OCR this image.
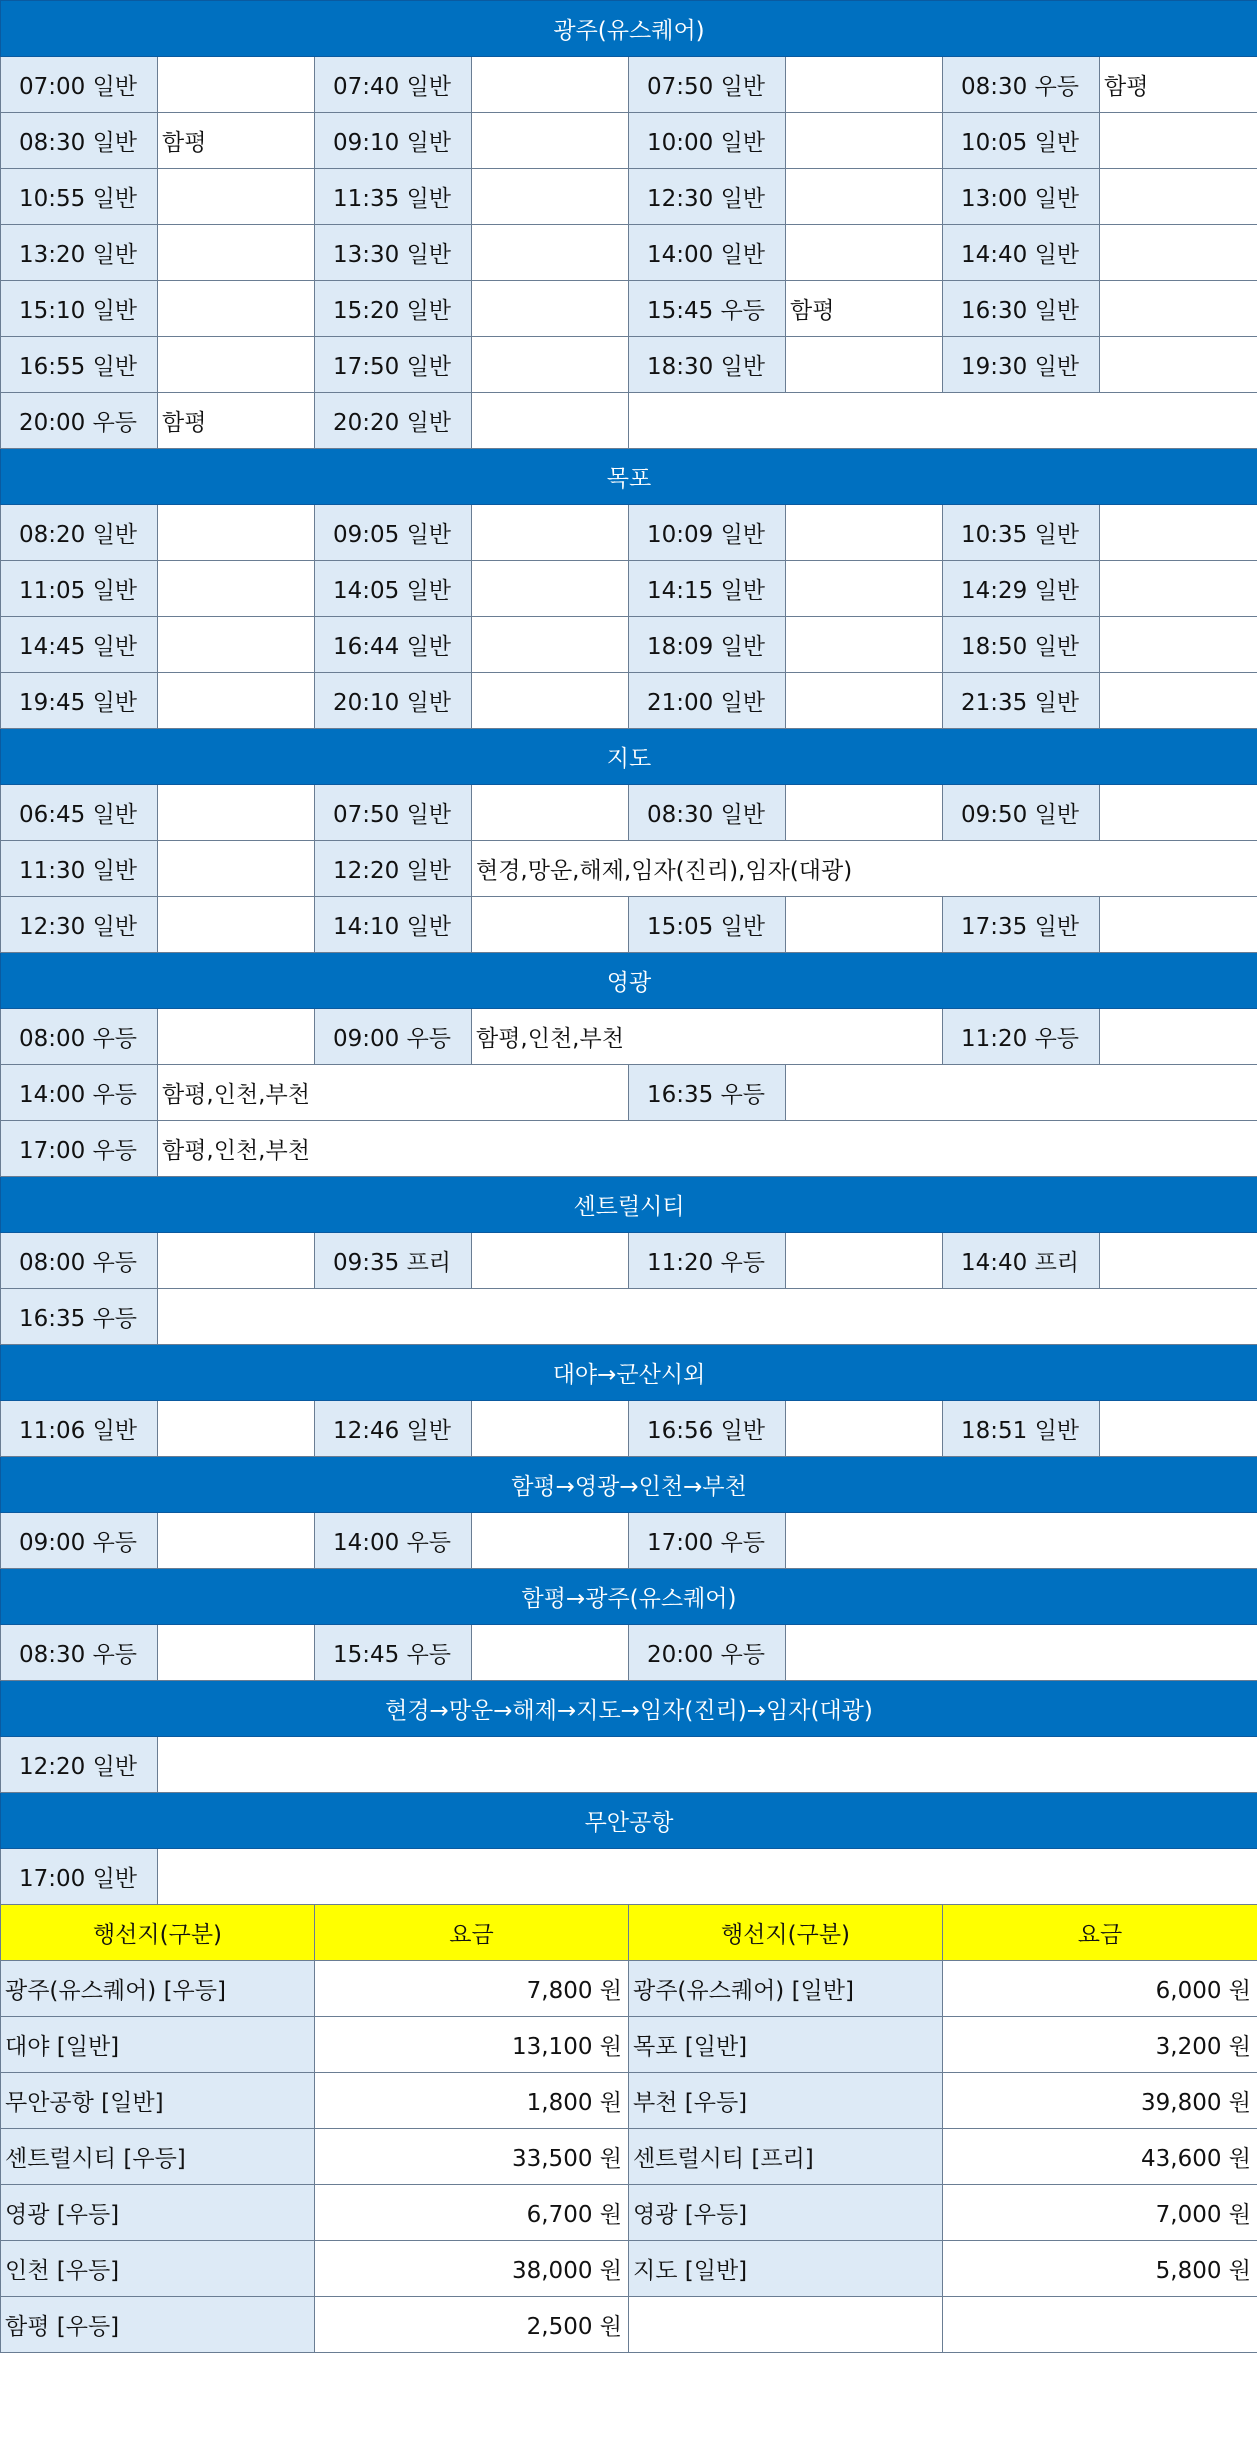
광주(유스퀘어)							
07:00 일반		07:40 일반		07:50 일반		08:30 우등	함평
08:30 일반	함평	09:10 일반		10:00 일반		10:05 일반	
10:55 일반		11:35 일반		12:30 일반		13:00 일반	
13:20 일반		13:30 일반		14:00 일반		14:40 일반	
15:10 일반		15:20 일반		15:45 우등	함평	16:30 일반	
16:55 일반		17:50 일반		18:30 일반		19:30 일반	
20:00 우등	함평	20:20 일반					
목포							
08:20 일반		09:05 일반		10:09 일반		10:35 일반	
11:05 일반		14:05 일반		14:15 일반		14:29 일반	
14:45 일반		16:44 일반		18:09 일반		18:50 일반	
19:45 일반		20:10 일반		21:00 일반		21:35 일반	
지도							
06:45 일반		07:50 일반		08:30 일반		09:50 일반	
11:30 일반		12:20 일반	현경,망운,해제,임자(진리),임자(대광)				
12:30 일반		14:10 일반		15:05 일반		17:35 일반	
영광							
08:00 우등		09:00 우등	함평,인천,부천			11:20 우등	
14:00 우등	함평,인천,부천			16:35 우등			
17:00 우등	함평,인천,부천						
센트럴시티							
08:00 우등		09:35 프리		11:20 우등		14:40 프리	
16:35 우등							
대야→군산시외							
11:06 일반		12:46 일반		16:56 일반		18:51 일반	
함평→영광→인천→부천							
09:00 우등		14:00 우등		17:00 우등			
함평→광주(유스퀘어)							
08:30 우등		15:45 우등		20:00 우등			
현경→망운→해제→지도→임자(진리)→임자(대광)							
12:20 일반							
무안공항							
17:00 일반							
행선지(구분)		요금		행선지(구분)		요금	
광주(유스퀘어) [우등]		7,800 원		광주(유스퀘어) [일반]		6,000 원	
대야 [일반]		13,100 원		목포 [일반]		3,200 원	
무안공항 [일반]		1,800 원		부천 [우등]		39,800 원	
센트럴시티 [우등]		33,500 원		센트럴시티 [프리]		43,600 원	
영광 [우등]		6,700 원		영광 [우등]		7,000 원	
인천 [우등]		38,000 원		지도 [일반]		5,800 원	
함평 [우등]		2,500 원					
